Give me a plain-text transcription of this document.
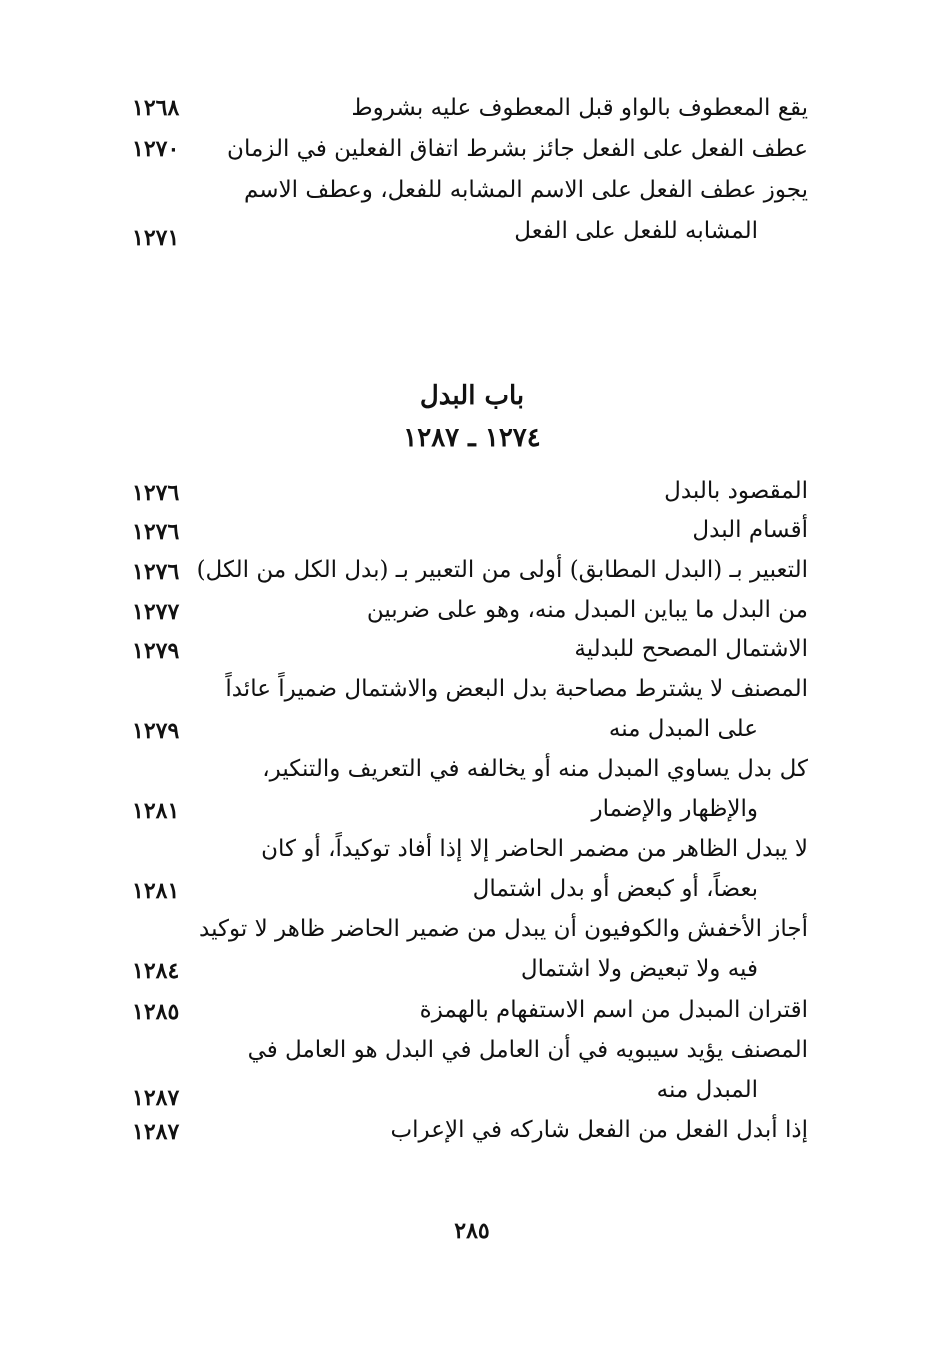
يقع المعطوف بالواو قبل المعطوف عليه بشروط
١٢٦٨
عطف الفعل على الفعل جائز بشرط اتفاق الفعلين في الزمان
١٢٧٠
يجوز عطف الفعل على الاسم المشابه للفعل، وعطف الاسم
المشابه للفعل على الفعل
١٢٧١
باب البدل
١٢٧٤ ـ ١٢٨٧
المقصود بالبدل
١٢٧٦
أقسام البدل
١٢٧٦
التعبير بـ (البدل المطابق) أولى من التعبير بـ (بدل الكل من الكل)
١٢٧٦
من البدل ما يباين المبدل منه، وهو على ضربين
١٢٧٧
الاشتمال المصحح للبدلية
١٢٧٩
المصنف لا يشترط مصاحبة بدل البعض والاشتمال ضميراً عائداً
على المبدل منه
١٢٧٩
كل بدل يساوي المبدل منه أو يخالفه في التعريف والتنكير،
والإظهار والإضمار
١٢٨١
لا يبدل الظاهر من مضمر الحاضر إلا إذا أفاد توكيداً، أو كان
بعضاً، أو كبعض أو بدل اشتمال
١٢٨١
أجاز الأخفش والكوفيون أن يبدل من ضمير الحاضر ظاهر لا توكيد
فيه ولا تبعيض ولا اشتمال
١٢٨٤
اقتران المبدل من اسم الاستفهام بالهمزة
١٢٨٥
المصنف يؤيد سيبويه في أن العامل في البدل هو العامل في
المبدل منه
١٢٨٧
إذا أبدل الفعل من الفعل شاركه في الإعراب
١٢٨٧
٢٨٥
